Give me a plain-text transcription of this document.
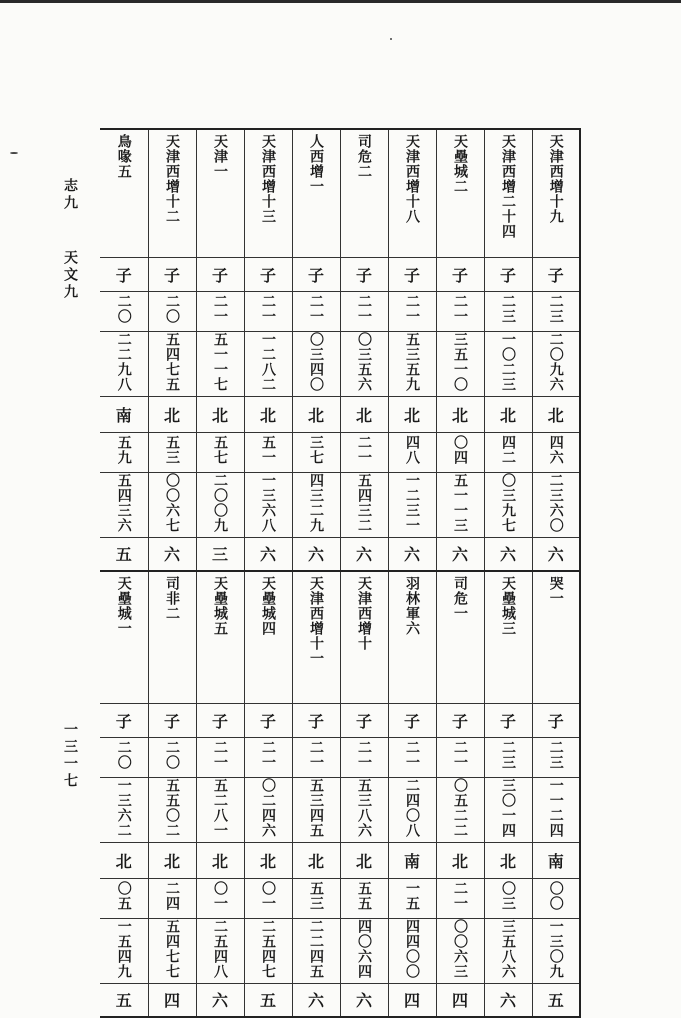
志九
天文九
一三一七
鳥喙五	天津西增十二	天津一	天津西增十三	人西增一	司危二	天津西增十八	天壘城二	天津西增二十四	天津西增十九
子	子	子	子	子	子	子	子	子	子
二〇	二〇	二一	二一	二一	二一	二一	二一	二三	二三
二二九八	五四七五	五一一七	一二八二	〇三四〇	〇三五六	五三五九	三五一〇	一〇二三	二〇九六
南	北	北	北	北	北	北	北	北	北
五九	五三	五七	五一	三七	二一	四八	〇四	四二	四六
五四三六	〇〇六七	二〇〇九	一三六八	四三二九	五四三二	一二三一	五一一三	〇三九七	二三六〇
五	六	三	六	六	六	六	六	六	六
天壘城一	司非二	天壘城五	天壘城四	天津西增十一	天津西增十	羽林軍六	司危一	天壘城三	哭一
子	子	子	子	子	子	子	子	子	子
二〇	二〇	二一	二一	二一	二一	二一	二一	二三	二三
一三六二	五五〇二	五二八一	〇二四六	五三四五	五三八六	二四〇八	〇五二二	三〇一四	一一二四
北	北	北	北	北	北	南	北	北	南
〇五	二四	〇一	〇一	五三	五五	一五	二一	〇三	〇〇
一五四九	五四七七	二五四八	二五四七	二二四五	四〇六四	四四〇〇	〇〇六三	三五八六	一三〇九
五	四	六	五	六	六	四	四	六	五
